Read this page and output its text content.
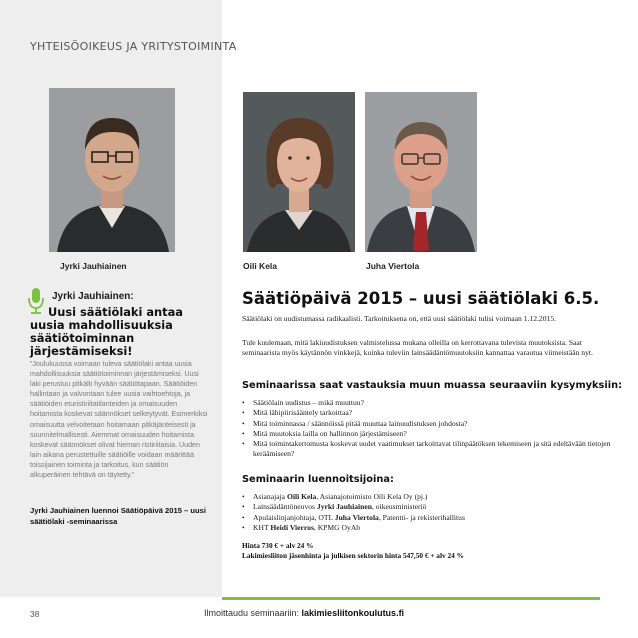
YHTEISÖOIKEUS JA YRITYSTOIMINTA
Jyrki Jauhiainen	Oili Kela	Juha Viertola
Jyrki Jauhiainen:
Uusi säätiölaki antaa uusia mahdollisuuksia säätiötoiminnan järjestämiseksi!
”Joulukuussa voimaan tuleva säätiölaki antaa uusia mahdollisuuksia säätiötoiminnan järjestämiseksi. Uusi laki perustuu pitkälti hyvään säätiötapaan. Säätiöiden hallintaan ja valvontaan tulee uusia vaihtoehtoja, ja säätiöiden eturistiriitatilanteiden ja omaisuuden hoitamista koskevat säännökset selkeytyvät. Esimerkiksi omaisuutta velvoitetaan hoitamaan pitkäjänteisesti ja suunnitelmallisesti. Aiemmat omaisuuden hoitamista koskevat säännökset olivat hieman ristiriitaisia. Uuden lain aikana perustettuille säätiöille voidaan määrittää toissijainen toiminta ja tarkoitus, kun säätiön alkuperäinen tehtävä on täytetty.”
Jyrki Jauhiainen luennoi Säätiöpäivä 2015 – uusi säätiölaki -seminaarissa
Säätiöpäivä 2015 – uusi säätiölaki 6.5.
Säätiölaki on uudistumassa radikaalisti. Tarkoituksena on, että uusi säätiölaki tulisi voimaan 1.12.2015.
Tule kuulemaan, mitä lakiuudistuksen valmistelussa mukana olleilla on kerrottavana tulevista muutoksista. Saat seminaarista myös käytännön vinkkejä, kuinka tuleviin lainsäädäntömuutoksiin kannattaa varautua viimeistään nyt.
Seminaarissa saat vastauksia muun muassa seuraaviin kysymyksiin:
• Säätiölain uudistus – mikä muuttuu?
• Mitä lähipiirisääntely tarkoittaa?
• Mitä toiminnassa / säännöissä pitää muuttaa lainuudistuksen johdosta?
• Mitä muutoksia lailla on hallinnon järjestämiseen?
• Mitä toimintakertomusta koskevat uudet vaatimukset tarkoittavat tilinpäätöksen tekemiseen ja sitä edeltävään tietojen keräämiseen?
Seminaarin luennoitsijoina:
• Asianajaja Oili Kela, Asianajotoimisto Oili Kela Oy (pj.)
• Lainsäädäntöneuvos Jyrki Jauhiainen, oikeusministeriö
• Apulaislinjanjohtaja, OTL Juha Viertola, Patentti- ja rekisterihallitus
• KHT Heidi Vierros, KPMG OyAb
Hinta 730 € + alv 24 %
Lakimiesliiton jäsenhinta ja julkisen sektorin hinta 547,50 € + alv 24 %
38	Ilmoittaudu seminaariin: lakimiesliitonkoulutus.fi
